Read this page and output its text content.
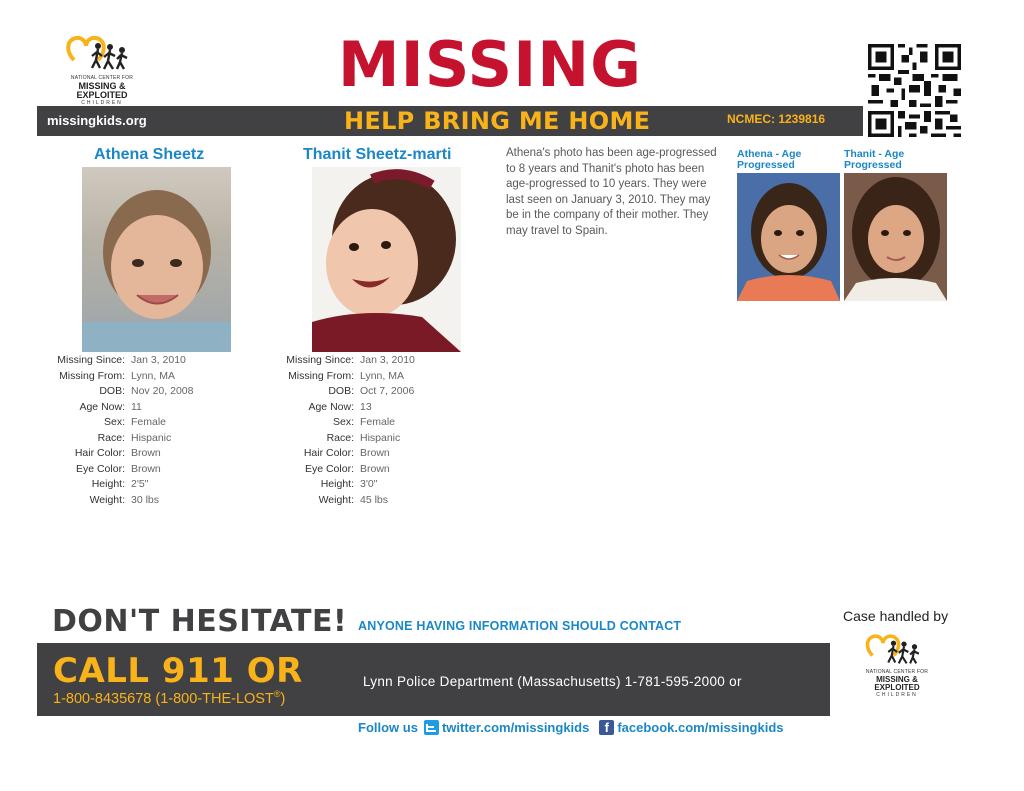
NATIONAL CENTER FOR
MISSING &
EXPLOITED
CHILDREN
MISSING
missingkids.org	HELP BRING ME HOME	NCMEC: 1239816
Athena Sheetz
Missing Since: Jan 3, 2010
Missing From: Lynn, MA
DOB: Nov 20, 2008
Age Now: 11
Sex: Female
Race: Hispanic
Hair Color: Brown
Eye Color: Brown
Height: 2'5"
Weight: 30 lbs
Thanit Sheetz-marti
Missing Since: Jan 3, 2010
Missing From: Lynn, MA
DOB: Oct 7, 2006
Age Now: 13
Sex: Female
Race: Hispanic
Hair Color: Brown
Eye Color: Brown
Height: 3'0"
Weight: 45 lbs
Athena's photo has been age-progressed to 8 years and Thanit's photo has been age-progressed to 10 years. They were last seen on January 3, 2010. They may be in the company of their mother. They may travel to Spain.
Athena - Age
Progressed
Thanit - Age
Progressed
DON'T HESITATE! ANYONE HAVING INFORMATION SHOULD CONTACT
Case handled by
NATIONAL CENTER FOR
MISSING &
EXPLOITED
CHILDREN
CALL 911 OR
1-800-8435678 (1-800-THE-LOST®)
Lynn Police Department (Massachusetts) 1-781-595-2000 or
Follow us twitter.com/missingkids	f facebook.com/missingkids
